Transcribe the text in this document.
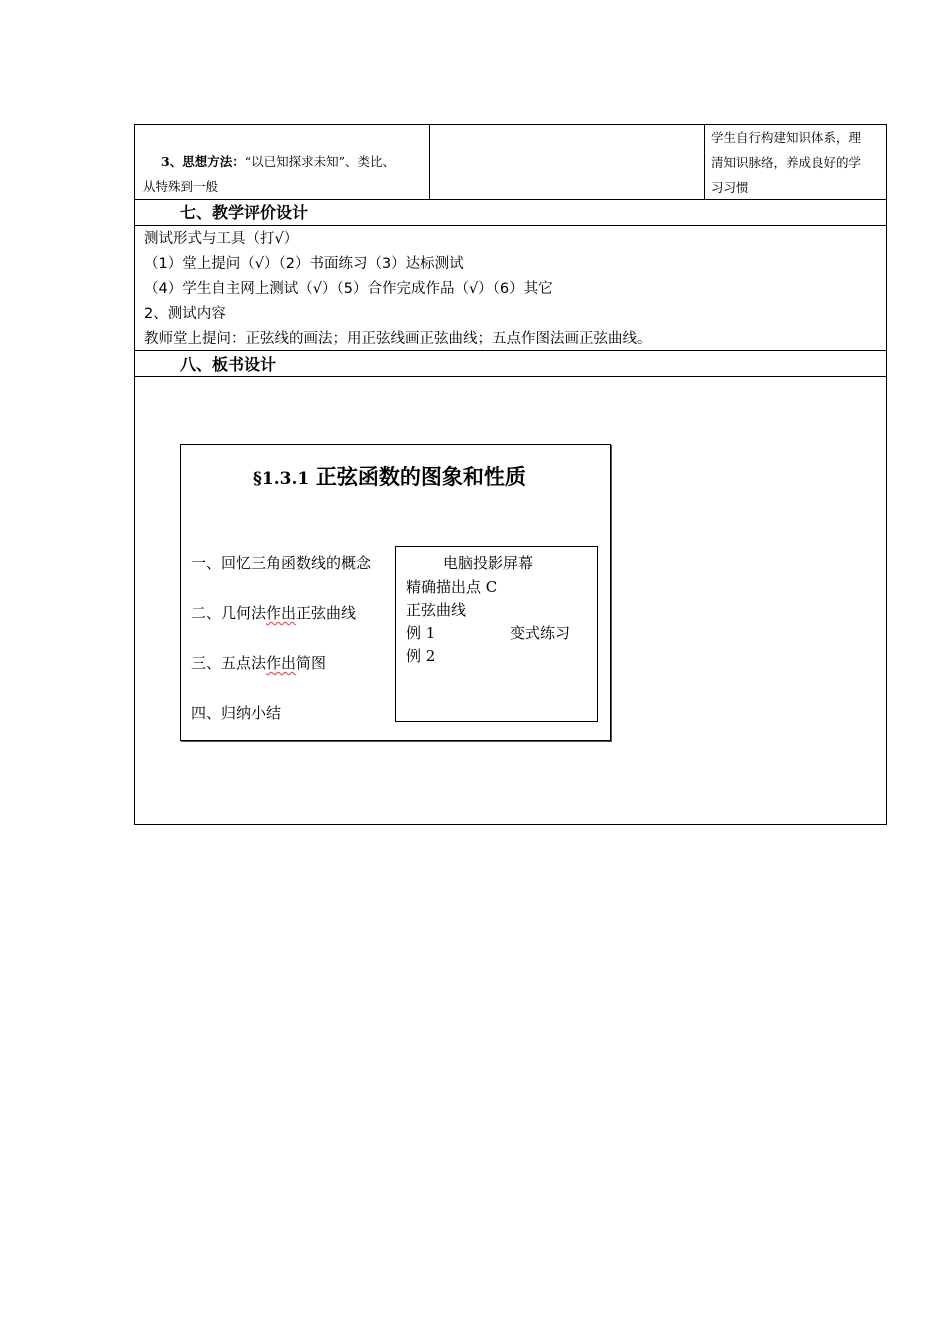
3、思想方法：“以已知探求未知”、类比、
从特殊到一般
学生自行构建知识体系，理
清知识脉络，养成良好的学
习习惯
七、教学评价设计
测试形式与工具（打√）
（1）堂上提问（√）（2）书面练习（3）达标测试
（4）学生自主网上测试（√）（5）合作完成作品（√）（6）其它
2、测试内容
教师堂上提问：正弦线的画法；用正弦线画正弦曲线；五点作图法画正弦曲线。
八、板书设计
§1.3.1 正弦函数的图象和性质
一、回忆三角函数线的概念
二、几何法作出正弦曲线
三、五点法作出简图
四、归纳小结
电脑投影屏幕
精确描出点 C
正弦曲线
例 1	变式练习
例 2
